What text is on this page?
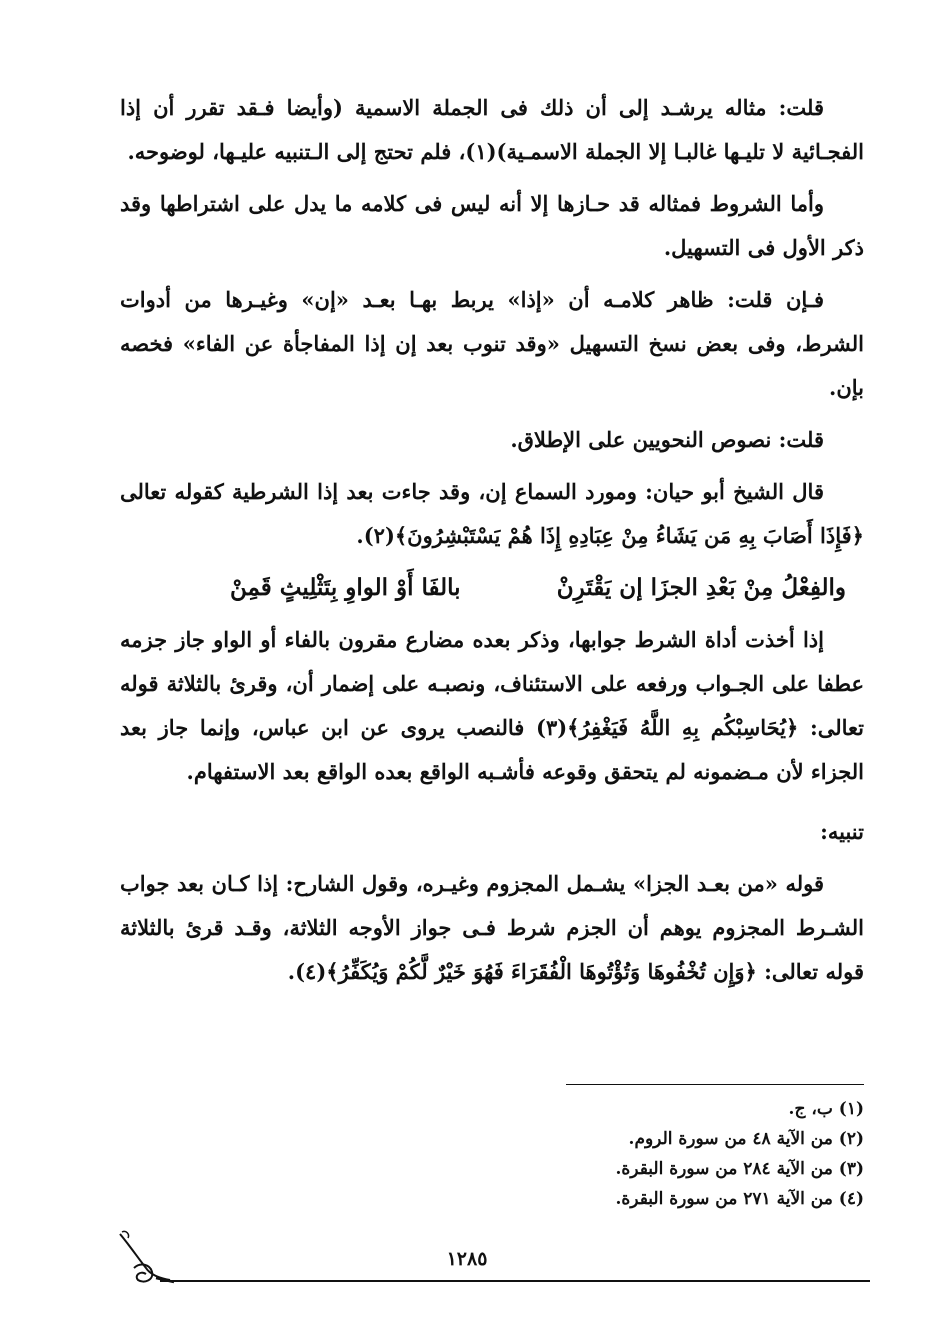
قلت: مثاله يرشـد إلى أن ذلك فى الجملة الاسمية (وأيضا فـقد تقرر أن إذا الفجـائية لا تليـها غالبـا إلا الجملة الاسمـية)(١)، فلم تحتج إلى الـتنبيه عليـها، لوضوحه.

وأما الشروط فمثاله قد حـازها إلا أنه ليس فى كلامه ما يدل على اشتراطها وقد ذكر الأول فى التسهيل.

فـإن قلت: ظاهر كلامـه أن «إذا» يربط بهـا بعـد «إن» وغيـرها من أدوات الشرط، وفى بعض نسخ التسهيل «وقد تنوب بعد إن إذا المفاجأة عن الفاء» فخصه بإن.

قلت: نصوص النحويين على الإطلاق.

قال الشيخ أبو حيان: ومورد السماع إن، وقد جاءت بعد إذا الشرطية كقوله تعالى ﴿فَإِذَا أَصَابَ بِهِ مَن يَشَاءُ مِنْ عِبَادِهِ إِذَا هُمْ يَسْتَبْشِرُونَ﴾(٢).

والفِعْلُ مِنْ بَعْدِ الجزَا إن يَقْتَرِنْ
بالفَا أَوْ الواوِ بِتَثْلِيثٍ قَمِنْ

إذا أخذت أداة الشرط جوابها، وذكر بعده مضارع مقرون بالفاء أو الواو جاز جزمه عطفا على الجـواب ورفعه على الاستئناف، ونصبـه على إضمار أن، وقرئ بالثلاثة قوله تعالى: ﴿يُحَاسِبْكُم بِهِ اللَّهُ فَيَغْفِرُ﴾(٣) فالنصب يروى عن ابن عباس، وإنما جاز بعد الجزاء لأن مـضمونه لم يتحقق وقوعه فأشـبه الواقع بعده الواقع بعد الاستفهام.

تنبيه:

قوله «من بعـد الجزا» يشـمل المجزوم وغيـره، وقول الشارح: إذا كـان بعد جواب الشـرط المجزوم يوهم أن الجزم شرط فـى جواز الأوجه الثلاثة، وقـد قرئ بالثلاثة قوله تعالى: ﴿وَإِن تُخْفُوهَا وَتُؤْتُوهَا الْفُقَرَاءَ فَهُوَ خَيْرٌ لَّكُمْ وَيُكَفِّرُ﴾(٤).

(١) ب، ج.

(٢) من الآية ٤٨ من سورة الروم.

(٣) من الآية ٢٨٤ من سورة البقرة.

(٤) من الآية ٢٧١ من سورة البقرة.

١٢٨٥
